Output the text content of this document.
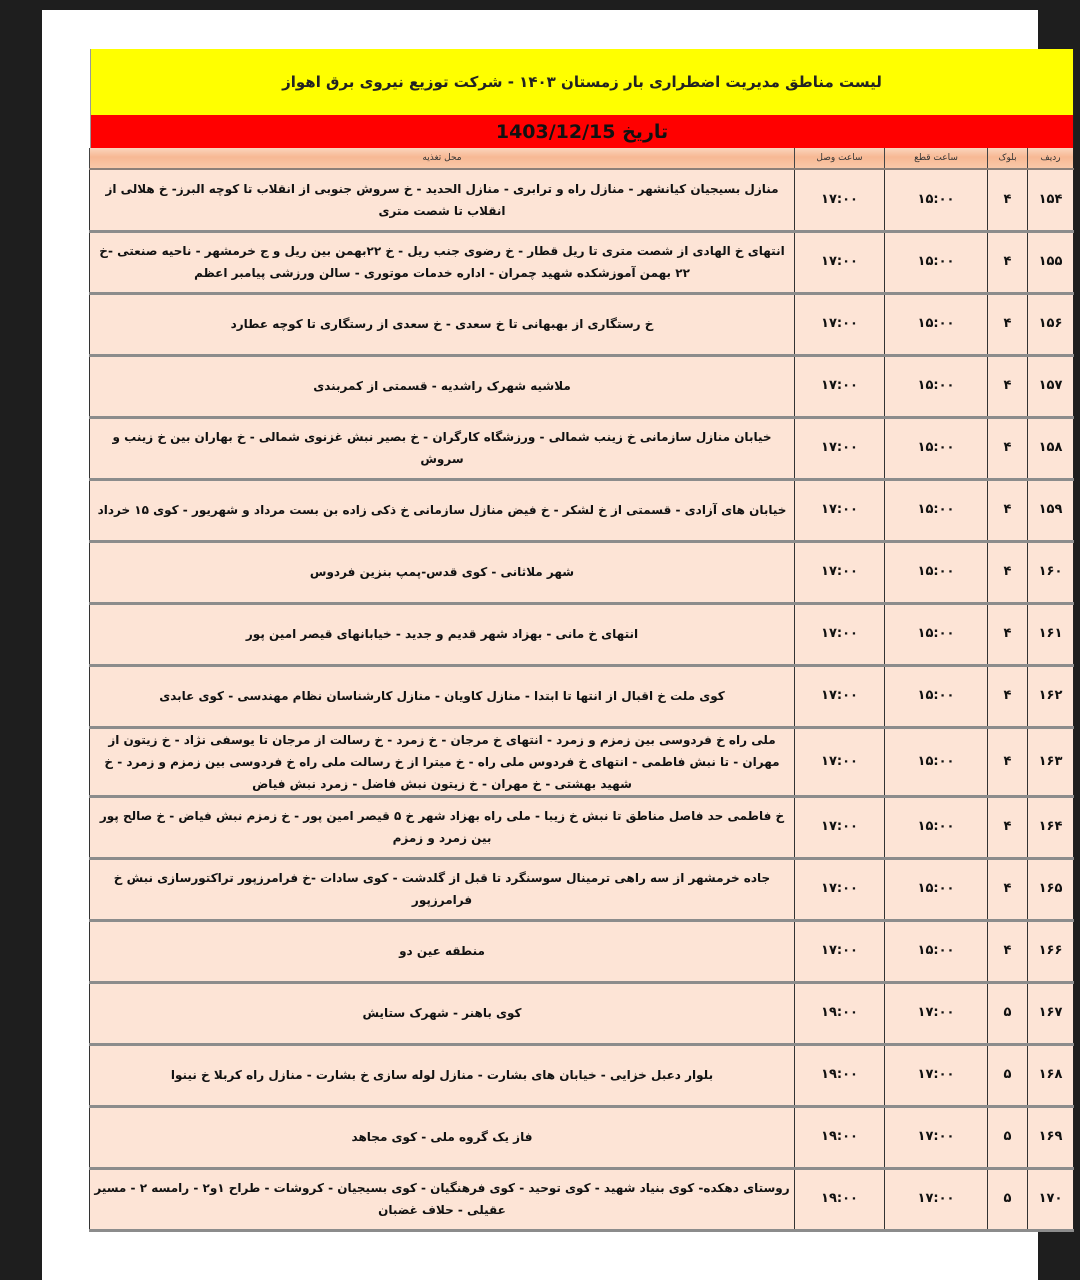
لیست مناطق مدیریت اضطراری بار زمستان ۱۴۰۳ - شرکت توزیع نیروی برق اهواز
تاریخ 1403/12/15
ردیف	بلوک	ساعت قطع	ساعت وصل	محل تغذیه
۱۵۴	۴	۱۵:۰۰	۱۷:۰۰	منازل بسیجیان کیانشهر - منازل راه و ترابری - منازل الحدید - خ سروش جنوبی از انقلاب تا کوچه البرز- خ هلالی از انقلاب تا شصت متری
۱۵۵	۴	۱۵:۰۰	۱۷:۰۰	انتهای خ الهادی از شصت متری تا ریل قطار - خ رضوی جنب ریل - خ ۲۲بهمن بین ریل و ج خرمشهر - ناحیه صنعتی -خ ۲۲ بهمن آموزشکده شهید چمران - اداره خدمات موتوری - سالن ورزشی پیامبر اعظم
۱۵۶	۴	۱۵:۰۰	۱۷:۰۰	خ رستگاری از بهبهانی تا خ سعدی - خ سعدی از رستگاری تا کوچه عطارد
۱۵۷	۴	۱۵:۰۰	۱۷:۰۰	ملاشیه شهرک راشدیه - قسمتی از کمربندی
۱۵۸	۴	۱۵:۰۰	۱۷:۰۰	خیابان منازل سازمانی خ زینب شمالی - ورزشگاه کارگران - خ بصیر نبش غزنوی شمالی - خ بهاران بین خ زینب و سروش
۱۵۹	۴	۱۵:۰۰	۱۷:۰۰	خیابان های آزادی - قسمتی از خ لشکر - خ فیض منازل سازمانی خ ذکی زاده بن بست مرداد و شهریور - کوی ۱۵ خرداد
۱۶۰	۴	۱۵:۰۰	۱۷:۰۰	شهر ملاثانی - کوی قدس-پمپ بنزین فردوس
۱۶۱	۴	۱۵:۰۰	۱۷:۰۰	انتهای خ مانی - بهزاد شهر قدیم و جدید - خیابانهای قیصر امین پور
۱۶۲	۴	۱۵:۰۰	۱۷:۰۰	کوی ملت خ اقبال از انتها تا ابتدا - منازل کاویان - منازل کارشناسان نظام مهندسی - کوی عابدی
۱۶۳	۴	۱۵:۰۰	۱۷:۰۰	ملی راه خ فردوسی بین زمزم و زمرد - انتهای خ مرجان - خ زمرد - خ رسالت از مرجان تا یوسفی نژاد - خ زیتون از مهران - تا نبش فاطمی - انتهای خ فردوس ملی راه - خ میترا از خ رسالت ملی راه خ فردوسی بین زمزم و زمرد - خ شهید بهشتی - خ مهران - خ زیتون نبش فاضل - زمرد نبش فیاض
۱۶۴	۴	۱۵:۰۰	۱۷:۰۰	خ فاطمی حد فاصل مناطق تا نبش خ زیبا - ملی راه بهزاد شهر خ ۵ قیصر امین پور - خ زمزم نبش فیاض - خ صالح پور بین زمرد و زمزم
۱۶۵	۴	۱۵:۰۰	۱۷:۰۰	جاده خرمشهر از سه راهی ترمینال سوسنگرد تا قبل از گلدشت - کوی سادات -خ فرامرزپور تراکتورسازی نبش خ فرامرزپور
۱۶۶	۴	۱۵:۰۰	۱۷:۰۰	منطقه عین دو
۱۶۷	۵	۱۷:۰۰	۱۹:۰۰	کوی باهنر - شهرک ستایش
۱۶۸	۵	۱۷:۰۰	۱۹:۰۰	بلوار دعبل خزایی - خیابان های بشارت - منازل لوله سازی خ بشارت - منازل راه کربلا خ نینوا
۱۶۹	۵	۱۷:۰۰	۱۹:۰۰	فاز یک گروه ملی - کوی مجاهد
۱۷۰	۵	۱۷:۰۰	۱۹:۰۰	روستای دهکده- کوی بنیاد شهید - کوی توحید - کوی فرهنگیان - کوی بسیجیان - کروشات - طراح ۱و۲ - رامسه ۲ - مسیر عقیلی - حلاف غضبان
